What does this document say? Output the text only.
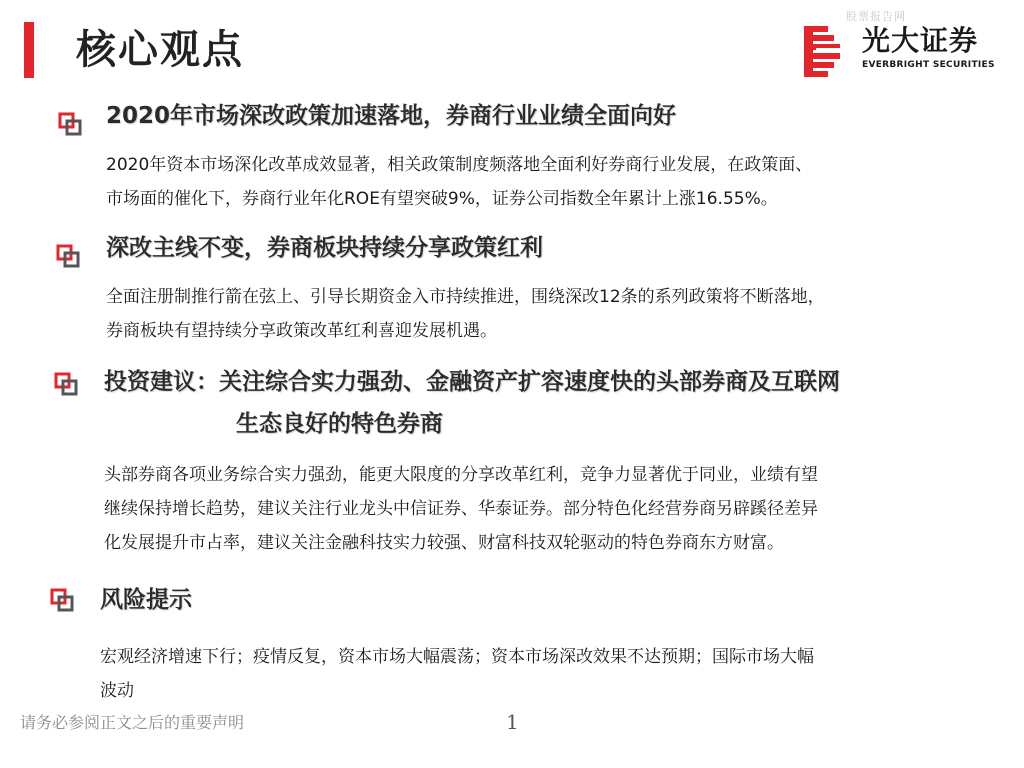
股票报告网
核心观点	光大证券
EVERBRIGHT SECURITIES
2020年市场深改政策加速落地，券商行业业绩全面向好
2020年资本市场深化改革成效显著，相关政策制度频落地全面利好券商行业发展，在政策面、
市场面的催化下，券商行业年化ROE有望突破9%，证券公司指数全年累计上涨16.55%。
深改主线不变，券商板块持续分享政策红利
全面注册制推行箭在弦上、引导长期资金入市持续推进，围绕深改12条的系列政策将不断落地，
券商板块有望持续分享政策改革红利喜迎发展机遇。
投资建议：关注综合实力强劲、金融资产扩容速度快的头部券商及互联网
生态良好的特色券商
头部券商各项业务综合实力强劲，能更大限度的分享改革红利，竞争力显著优于同业，业绩有望
继续保持增长趋势，建议关注行业龙头中信证券、华泰证券。部分特色化经营券商另辟蹊径差异
化发展提升市占率，建议关注金融科技实力较强、财富科技双轮驱动的特色券商东方财富。
风险提示
宏观经济增速下行；疫情反复，资本市场大幅震荡；资本市场深改效果不达预期；国际市场大幅
波动
请务必参阅正文之后的重要声明	1
